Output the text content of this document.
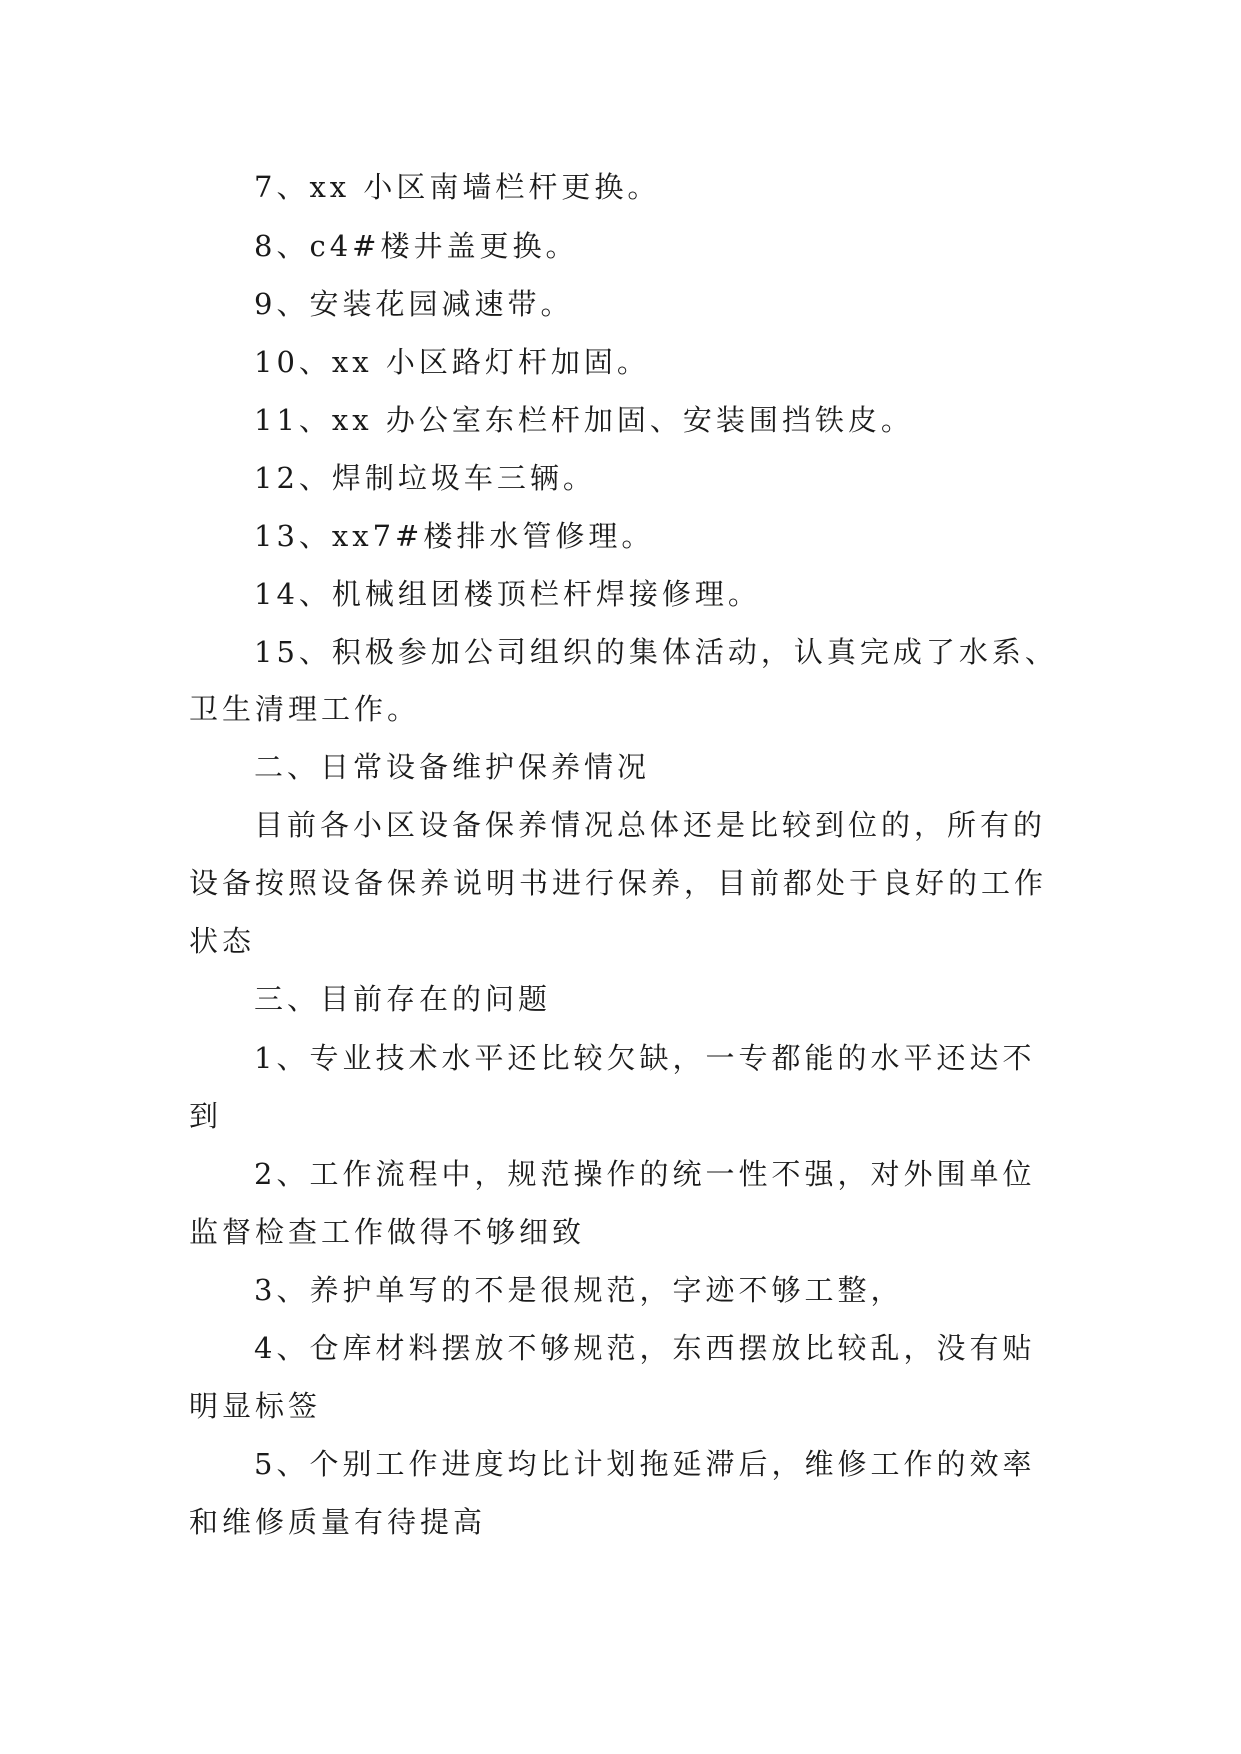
7、xx 小区南墙栏杆更换。
8、c4#楼井盖更换。
9、安装花园减速带。
10、xx 小区路灯杆加固。
11、xx 办公室东栏杆加固、安装围挡铁皮。
12、焊制垃圾车三辆。
13、xx7#楼排水管修理。
14、机械组团楼顶栏杆焊接修理。
15、积极参加公司组织的集体活动，认真完成了水系、
卫生清理工作。
二、日常设备维护保养情况
目前各小区设备保养情况总体还是比较到位的，所有的
设备按照设备保养说明书进行保养，目前都处于良好的工作
状态
三、目前存在的问题
1、专业技术水平还比较欠缺，一专都能的水平还达不
到
2、工作流程中，规范操作的统一性不强，对外围单位
监督检查工作做得不够细致
3、养护单写的不是很规范，字迹不够工整，
4、仓库材料摆放不够规范，东西摆放比较乱，没有贴
明显标签
5、个别工作进度均比计划拖延滞后，维修工作的效率
和维修质量有待提高
